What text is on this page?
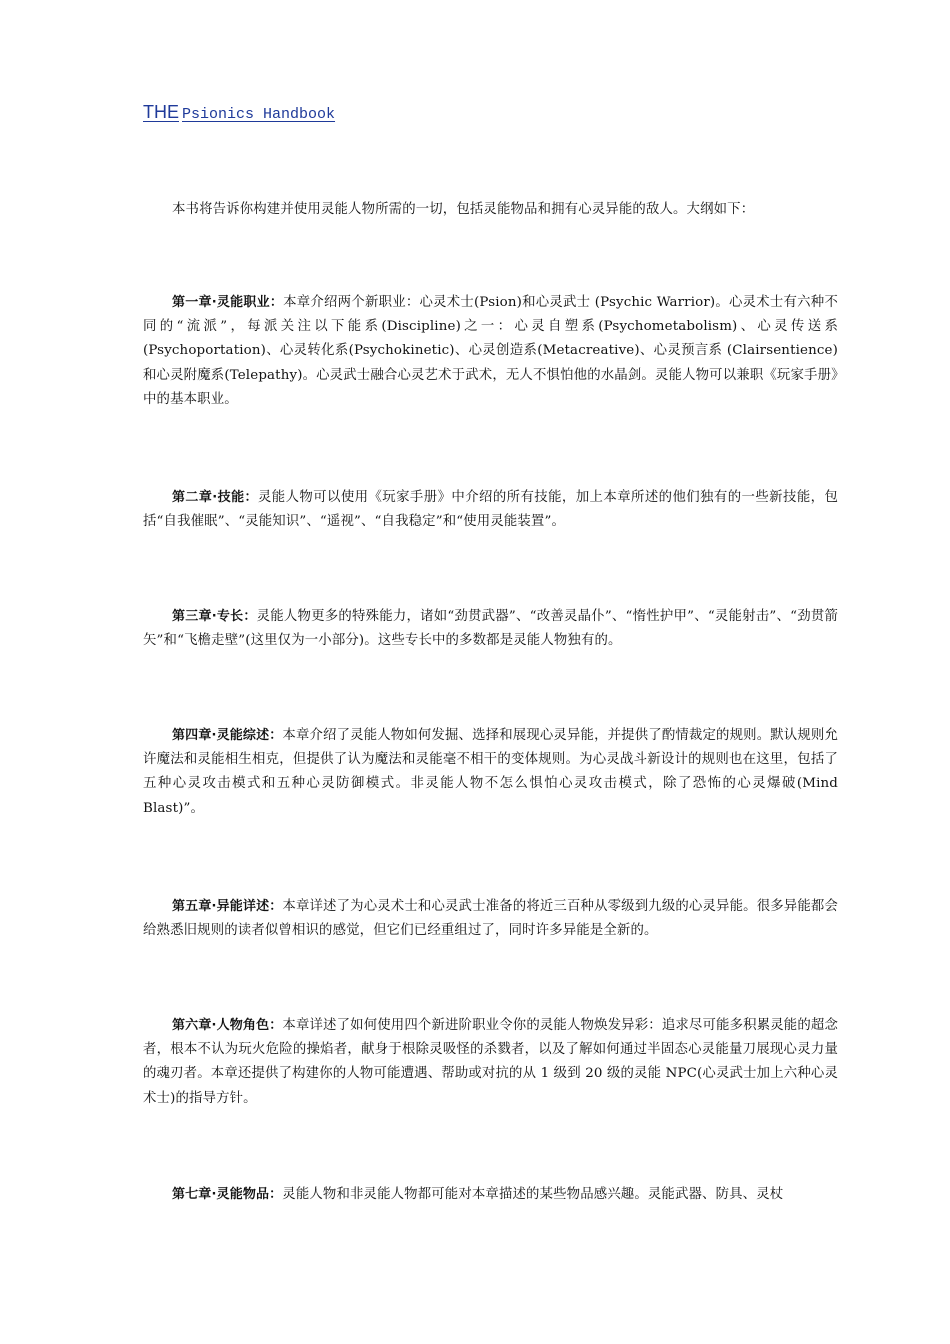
THE Psionics Handbook

本书将告诉你构建并使用灵能人物所需的一切，包括灵能物品和拥有心灵异能的敌人。大纲如下：

第一章·灵能职业：本章介绍两个新职业：心灵术士(Psion)和心灵武士 (Psychic Warrior)。心灵术士有六种不同的“流派”，每派关注以下能系(Discipline)之一：心灵自塑系(Psychometabolism)、心灵传送系(Psychoportation)、心灵转化系(Psychokinetic)、心灵创造系(Metacreative)、心灵预言系 (Clairsentience)和心灵附魔系(Telepathy)。心灵武士融合心灵艺术于武术，无人不惧怕他的水晶剑。灵能人物可以兼职《玩家手册》中的基本职业。

第二章·技能：灵能人物可以使用《玩家手册》中介绍的所有技能，加上本章所述的他们独有的一些新技能，包括“自我催眠”、“灵能知识”、“遥视”、“自我稳定”和“使用灵能装置”。

第三章·专长：灵能人物更多的特殊能力，诸如“劲贯武器”、“改善灵晶仆”、“惰性护甲”、“灵能射击”、“劲贯箭矢”和“飞檐走壁”(这里仅为一小部分)。这些专长中的多数都是灵能人物独有的。

第四章·灵能综述：本章介绍了灵能人物如何发掘、选择和展现心灵异能，并提供了酌情裁定的规则。默认规则允许魔法和灵能相生相克，但提供了认为魔法和灵能毫不相干的变体规则。为心灵战斗新设计的规则也在这里，包括了五种心灵攻击模式和五种心灵防御模式。非灵能人物不怎么惧怕心灵攻击模式，除了恐怖的心灵爆破(Mind Blast)”。

第五章·异能详述：本章详述了为心灵术士和心灵武士准备的将近三百种从零级到九级的心灵异能。很多异能都会给熟悉旧规则的读者似曾相识的感觉，但它们已经重组过了，同时许多异能是全新的。

第六章·人物角色：本章详述了如何使用四个新进阶职业令你的灵能人物焕发异彩：追求尽可能多积累灵能的超念者，根本不认为玩火危险的操焰者，献身于根除灵吸怪的杀戮者，以及了解如何通过半固态心灵能量刀展现心灵力量的魂刃者。本章还提供了构建你的人物可能遭遇、帮助或对抗的从 1 级到 20 级的灵能 NPC(心灵武士加上六种心灵术士)的指导方针。

第七章·灵能物品：灵能人物和非灵能人物都可能对本章描述的某些物品感兴趣。灵能武器、防具、灵杖
